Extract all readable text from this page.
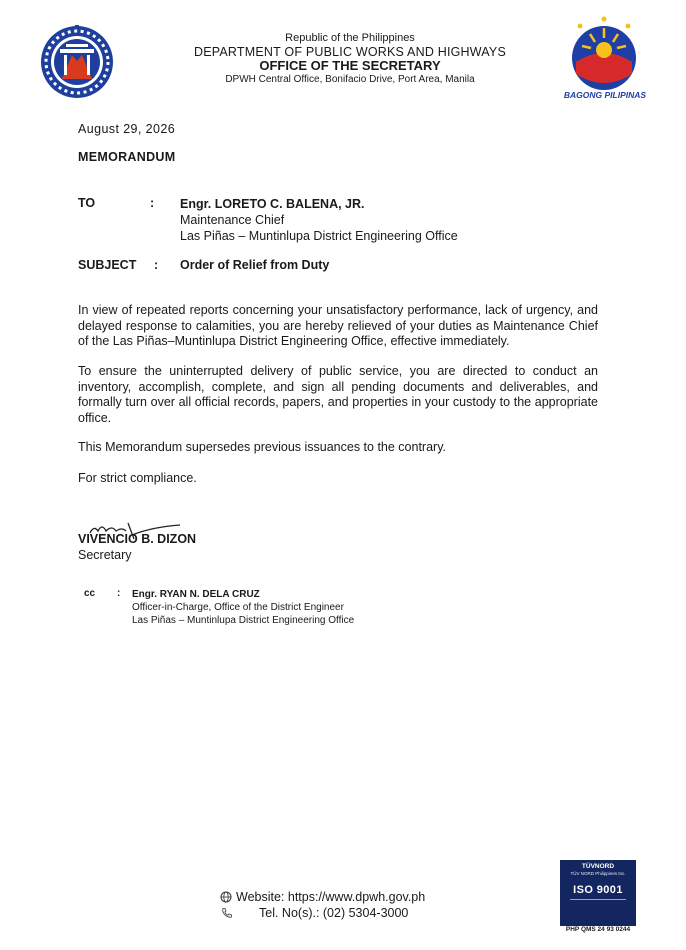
Republic of the Philippines
DEPARTMENT OF PUBLIC WORKS AND HIGHWAYS
OFFICE OF THE SECRETARY
DPWH Central Office, Bonifacio Drive, Port Area, Manila
BAGONG PILIPINAS
August 29, 2026
MEMORANDUM
TO	: Engr. LORETO C. BALENA, JR.
Maintenance Chief
Las Piñas – Muntinlupa District Engineering Office
SUBJECT : Order of Relief from Duty
In view of repeated reports concerning your unsatisfactory performance, lack of urgency, and delayed response to calamities, you are hereby relieved of your duties as Maintenance Chief of the Las Piñas–Muntinlupa District Engineering Office, effective immediately.
To ensure the uninterrupted delivery of public service, you are directed to conduct an inventory, accomplish, complete, and sign all pending documents and deliverables, and formally turn over all official records, papers, and properties in your custody to the appropriate office.
This Memorandum supersedes previous issuances to the contrary.
For strict compliance.
VIVENCIO B. DIZON
Secretary
cc : Engr. RYAN N. DELA CRUZ
Officer-in-Charge, Office of the District Engineer
Las Piñas – Muntinlupa District Engineering Office
Website: https://www.dpwh.gov.ph
Tel. No(s).: (02) 5304-3000
TÜVNORD
TÜV NORD Philippines Inc.
ISO 9001
PHP QMS 24 93 0244
